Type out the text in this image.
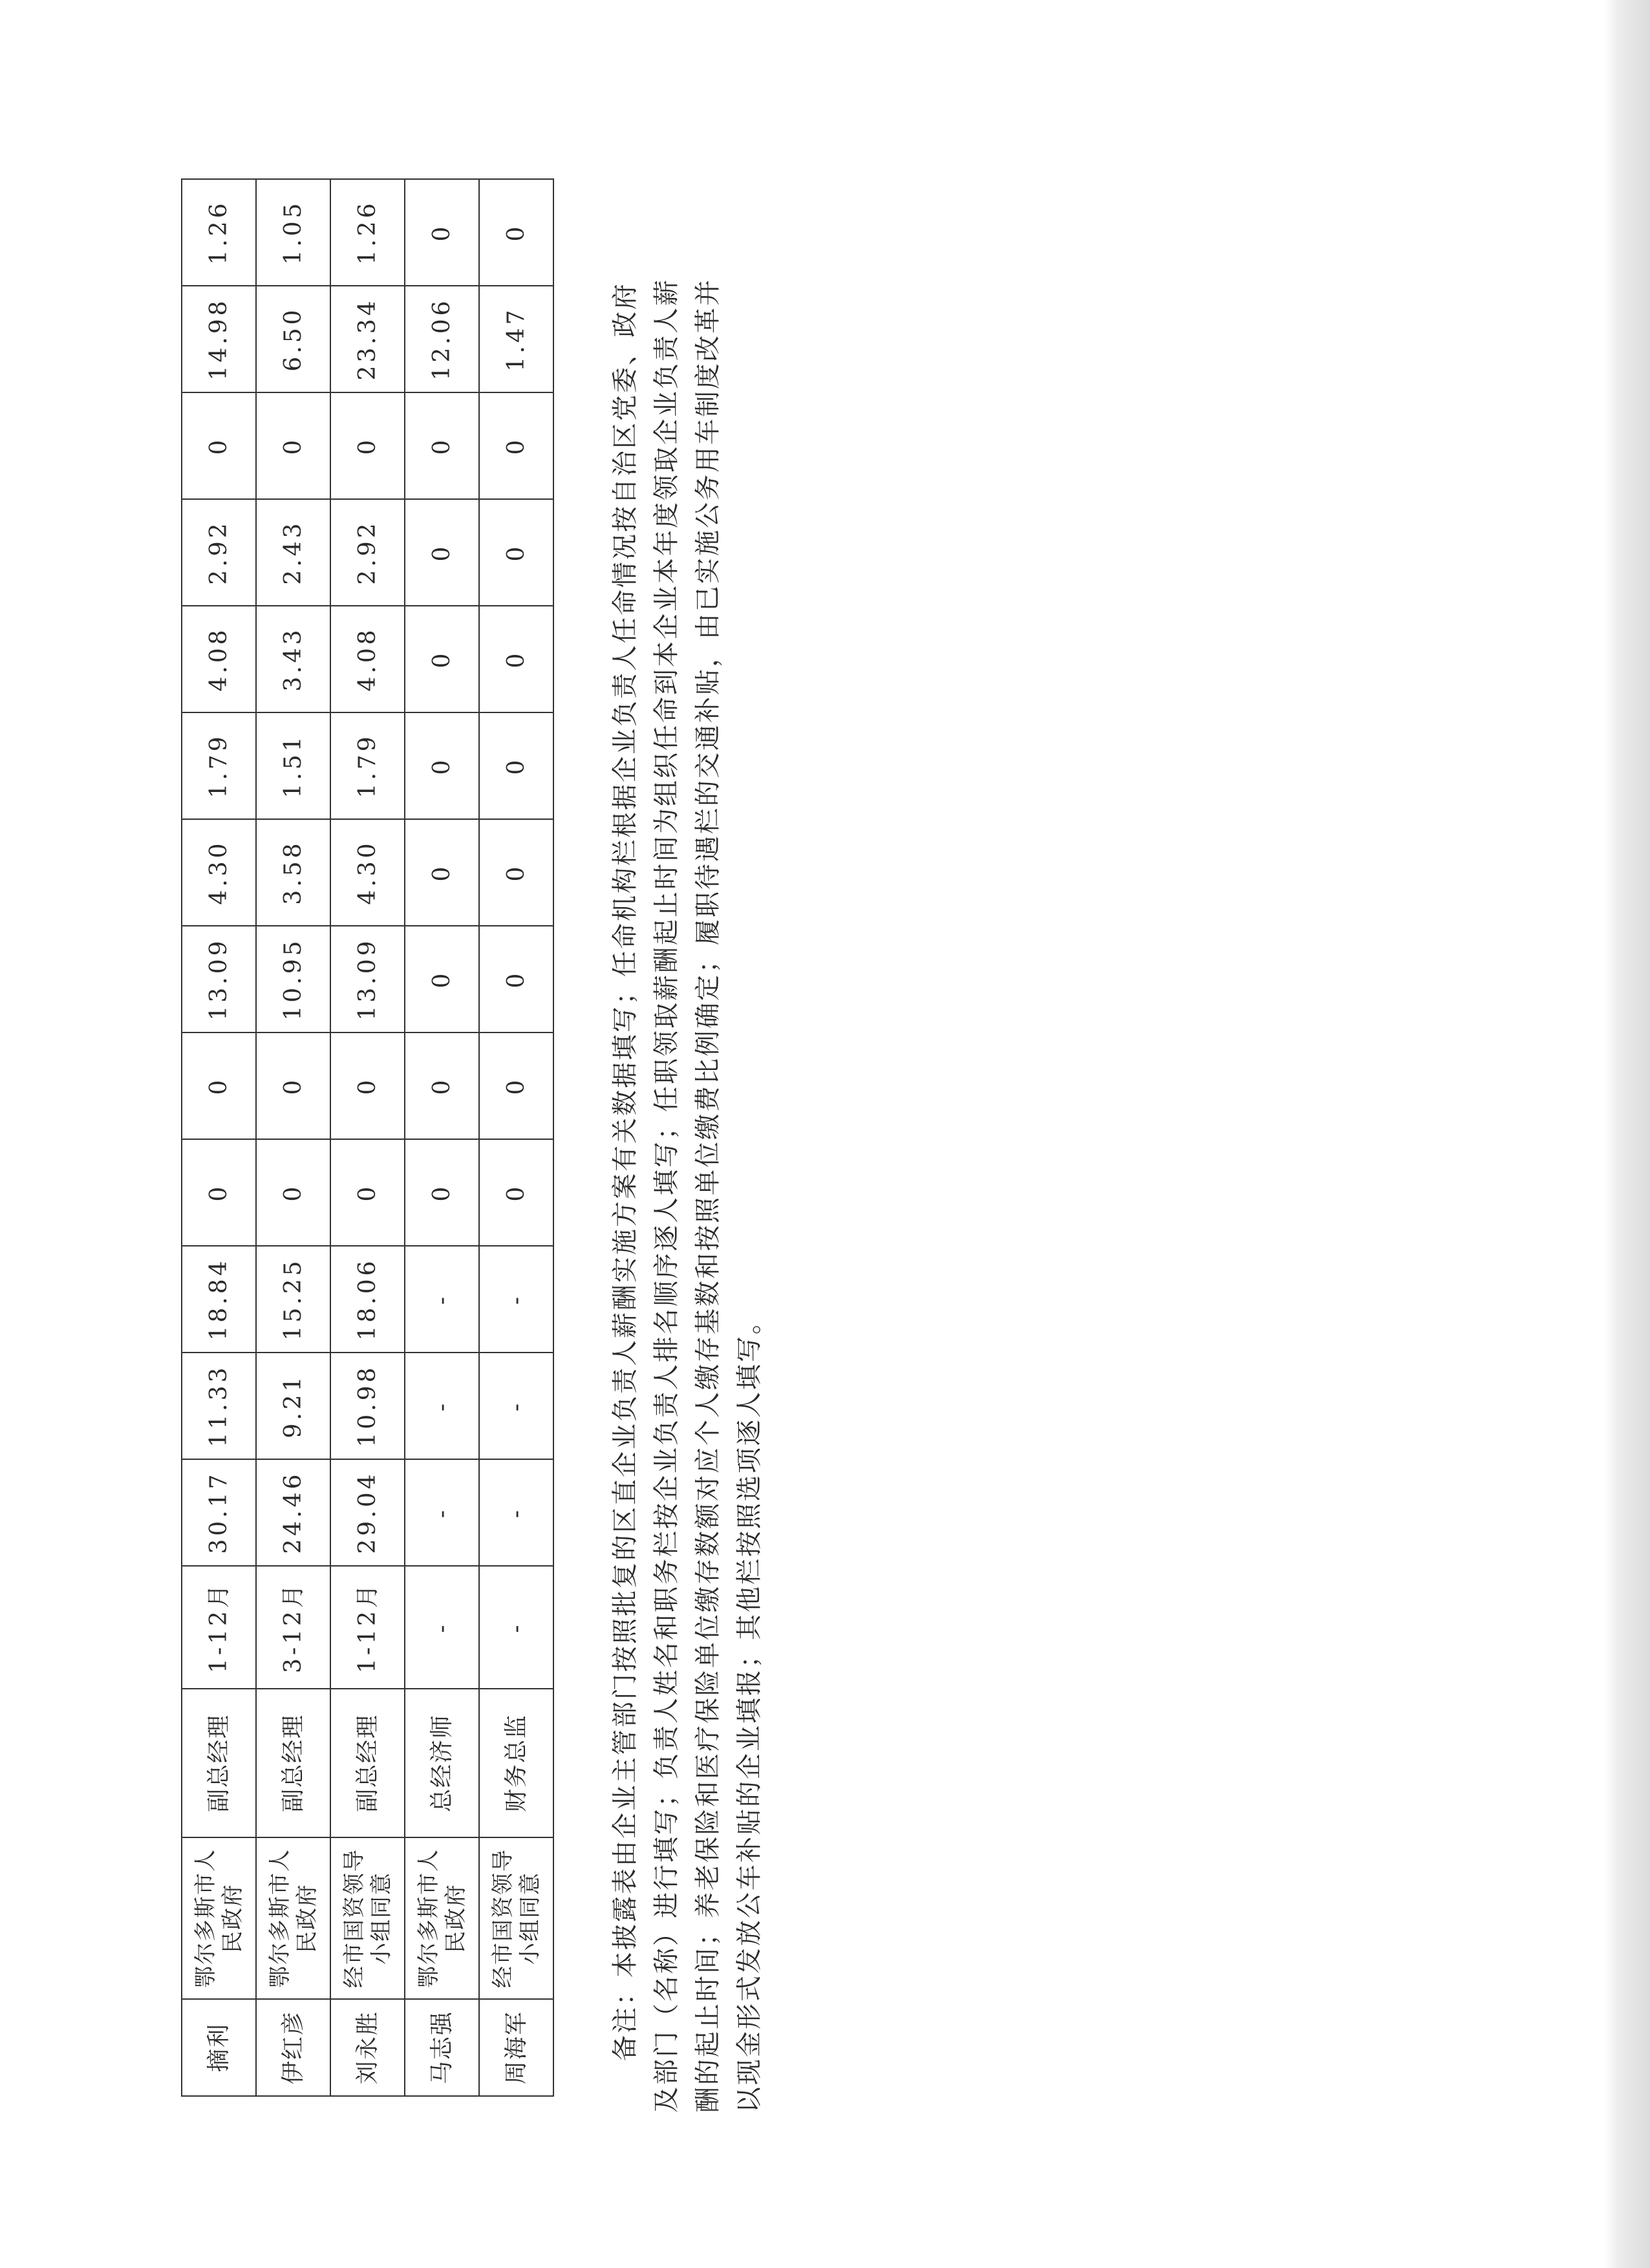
摘利	鄂尔多斯市人民政府	副总经理	1-12月	30.17	11.33	18.84	0	0	13.09	4.30	1.79	4.08	2.92	0	14.98	1.26
伊红彦	鄂尔多斯市人民政府	副总经理	3-12月	24.46	9.21	15.25	0	0	10.95	3.58	1.51	3.43	2.43	0	6.50	1.05
刘永胜	经市国资领导小组同意	副总经理	1-12月	29.04	10.98	18.06	0	0	13.09	4.30	1.79	4.08	2.92	0	23.34	1.26
马志强	鄂尔多斯市人民政府	总经济师	-	-	-	-	0	0	0	0	0	0	0	0	12.06	0
周海军	经市国资领导小组同意	财务总监	-	-	-	-	0	0	0	0	0	0	0	0	1.47	0

备注：本披露表由企业主管部门按照批复的区直企业负责人薪酬实施方案有关数据填写；任命机构栏根据企业负责人任命情况按自治区党委、政府 及部门（名称）进行填写；负责人姓名和职务栏按企业负责人排名顺序逐人填写；任职领取薪酬起止时间为组织任命到本企业本年度领取企业负责人薪 酬的起止时间；养老保险和医疗保险单位缴存数额对应个人缴存基数和按照单位缴费比例确定；履职待遇栏的交通补贴，由已实施公务用车制度改革并 以现金形式发放公车补贴的企业填报；其他栏按照选项逐人填写。
